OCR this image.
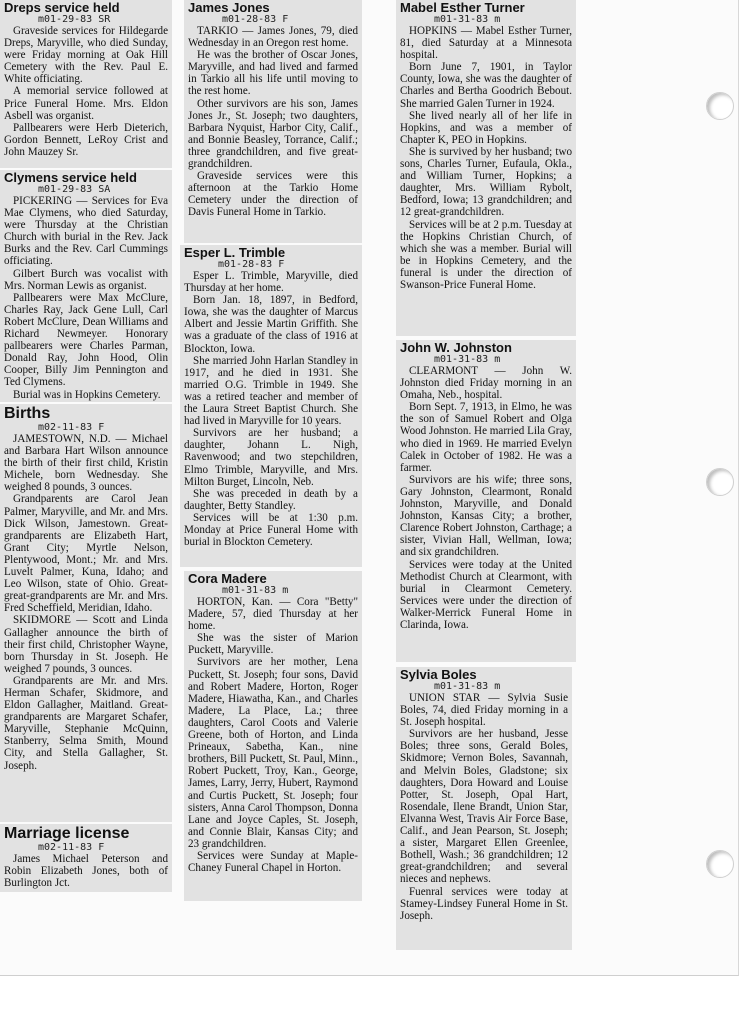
Dreps service held
m01-29-83 SR

Graveside services for Hildegarde Dreps, Maryville, who died Sunday, were Friday morning at Oak Hill Cemetery with the Rev. Paul E. White officiating.

A memorial service followed at Price Funeral Home. Mrs. Eldon Asbell was organist.

Pallbearers were Herb Dieterich, Gordon Bennett, LeRoy Crist and John Mauzey Sr.

Clymens service held
m01-29-83 SA

PICKERING — Services for Eva Mae Clymens, who died Saturday, were Thursday at the Christian Church with burial in the Rev. Jack Burks and the Rev. Carl Cummings officiating.

Gilbert Burch was vocalist with Mrs. Norman Lewis as organist.

Pallbearers were Max McClure, Charles Ray, Jack Gene Lull, Carl Robert McClure, Dean Williams and Richard Newmeyer. Honorary pallbearers were Charles Parman, Donald Ray, John Hood, Olin Cooper, Billy Jim Pennington and Ted Clymens.

Burial was in Hopkins Cemetery.

Births
m02-11-83 F

JAMESTOWN, N.D. — Michael and Barbara Hart Wilson announce the birth of their first child, Kristin Michele, born Wednesday. She weighed 8 pounds, 3 ounces.

Grandparents are Carol Jean Palmer, Maryville, and Mr. and Mrs. Dick Wilson, Jamestown. Great-grandparents are Elizabeth Hart, Grant City; Myrtle Nelson, Plentywood, Mont.; Mr. and Mrs. Luvelt Palmer, Kuna, Idaho; and Leo Wilson, state of Ohio. Great-great-grandparents are Mr. and Mrs. Fred Scheffield, Meridian, Idaho.

SKIDMORE — Scott and Linda Gallagher announce the birth of their first child, Christopher Wayne, born Thursday in St. Joseph. He weighed 7 pounds, 3 ounces.

Grandparents are Mr. and Mrs. Herman Schafer, Skidmore, and Eldon Gallagher, Maitland. Great-grandparents are Margaret Schafer, Maryville, Stephanie McQuinn, Stanberry, Selma Smith, Mound City, and Stella Gallagher, St. Joseph.

Marriage license
m02-11-83 F

James Michael Peterson and Robin Elizabeth Jones, both of Burlington Jct.

James Jones
m01-28-83 F

TARKIO — James Jones, 79, died Wednesday in an Oregon rest home.

He was the brother of Oscar Jones, Maryville, and had lived and farmed in Tarkio all his life until moving to the rest home.

Other survivors are his son, James Jones Jr., St. Joseph; two daughters, Barbara Nyquist, Harbor City, Calif., and Bonnie Beasley, Torrance, Calif.; three grandchildren, and five great-grandchildren.

Graveside services were this afternoon at the Tarkio Home Cemetery under the direction of Davis Funeral Home in Tarkio.

Esper L. Trimble
m01-28-83 F

Esper L. Trimble, Maryville, died Thursday at her home.

Born Jan. 18, 1897, in Bedford, Iowa, she was the daughter of Marcus Albert and Jessie Martin Griffith. She was a graduate of the class of 1916 at Blockton, Iowa.

She married John Harlan Standley in 1917, and he died in 1931. She married O.G. Trimble in 1949. She was a retired teacher and member of the Laura Street Baptist Church. She had lived in Maryville for 10 years.

Survivors are her husband; a daughter, Johann L. Nigh, Ravenwood; and two stepchildren, Elmo Trimble, Maryville, and Mrs. Milton Burget, Lincoln, Neb.

She was preceded in death by a daughter, Betty Standley.

Services will be at 1:30 p.m. Monday at Price Funeral Home with burial in Blockton Cemetery.

Cora Madere
m01-31-83 m

HORTON, Kan. — Cora "Betty" Madere, 57, died Thursday at her home.

She was the sister of Marion Puckett, Maryville.

Survivors are her mother, Lena Puckett, St. Joseph; four sons, David and Robert Madere, Horton, Roger Madere, Hiawatha, Kan., and Charles Madere, La Place, La.; three daughters, Carol Coots and Valerie Greene, both of Horton, and Linda Prineaux, Sabetha, Kan., nine brothers, Bill Puckett, St. Paul, Minn., Robert Puckett, Troy, Kan., George, James, Larry, Jerry, Hubert, Raymond and Curtis Puckett, St. Joseph; four sisters, Anna Carol Thompson, Donna Lane and Joyce Caples, St. Joseph, and Connie Blair, Kansas City; and 23 grandchildren.

Services were Sunday at Maple-Chaney Funeral Chapel in Horton.

Mabel Esther Turner
m01-31-83 m

HOPKINS — Mabel Esther Turner, 81, died Saturday at a Minnesota hospital.

Born June 7, 1901, in Taylor County, Iowa, she was the daughter of Charles and Bertha Goodrich Bebout. She married Galen Turner in 1924.

She lived nearly all of her life in Hopkins, and was a member of Chapter K, PEO in Hopkins.

She is survived by her husband; two sons, Charles Turner, Eufaula, Okla., and William Turner, Hopkins; a daughter, Mrs. William Rybolt, Bedford, Iowa; 13 grandchildren; and 12 great-grandchildren.

Services will be at 2 p.m. Tuesday at the Hopkins Christian Church, of which she was a member. Burial will be in Hopkins Cemetery, and the funeral is under the direction of Swanson-Price Funeral Home.

John W. Johnston
m01-31-83 m

CLEARMONT — John W. Johnston died Friday morning in an Omaha, Neb., hospital.

Born Sept. 7, 1913, in Elmo, he was the son of Samuel Robert and Olga Wood Johnston. He married Lila Gray, who died in 1969. He married Evelyn Calek in October of 1982. He was a farmer.

Survivors are his wife; three sons, Gary Johnston, Clearmont, Ronald Johnston, Maryville, and Donald Johnston, Kansas City; a brother, Clarence Robert Johnston, Carthage; a sister, Vivian Hall, Wellman, Iowa; and six grandchildren.

Services were today at the United Methodist Church at Clearmont, with burial in Clearmont Cemetery. Services were under the direction of Walker-Merrick Funeral Home in Clarinda, Iowa.

Sylvia Boles
m01-31-83 m

UNION STAR — Sylvia Susie Boles, 74, died Friday morning in a St. Joseph hospital.

Survivors are her husband, Jesse Boles; three sons, Gerald Boles, Skidmore; Vernon Boles, Savannah, and Melvin Boles, Gladstone; six daughters, Dora Howard and Louise Potter, St. Joseph, Opal Hart, Rosendale, Ilene Brandt, Union Star, Elvanna West, Travis Air Force Base, Calif., and Jean Pearson, St. Joseph; a sister, Margaret Ellen Greenlee, Bothell, Wash.; 36 grandchildren; 12 great-grandchildren; and several nieces and nephews.

Fuenral services were today at Stamey-Lindsey Funeral Home in St. Joseph.
